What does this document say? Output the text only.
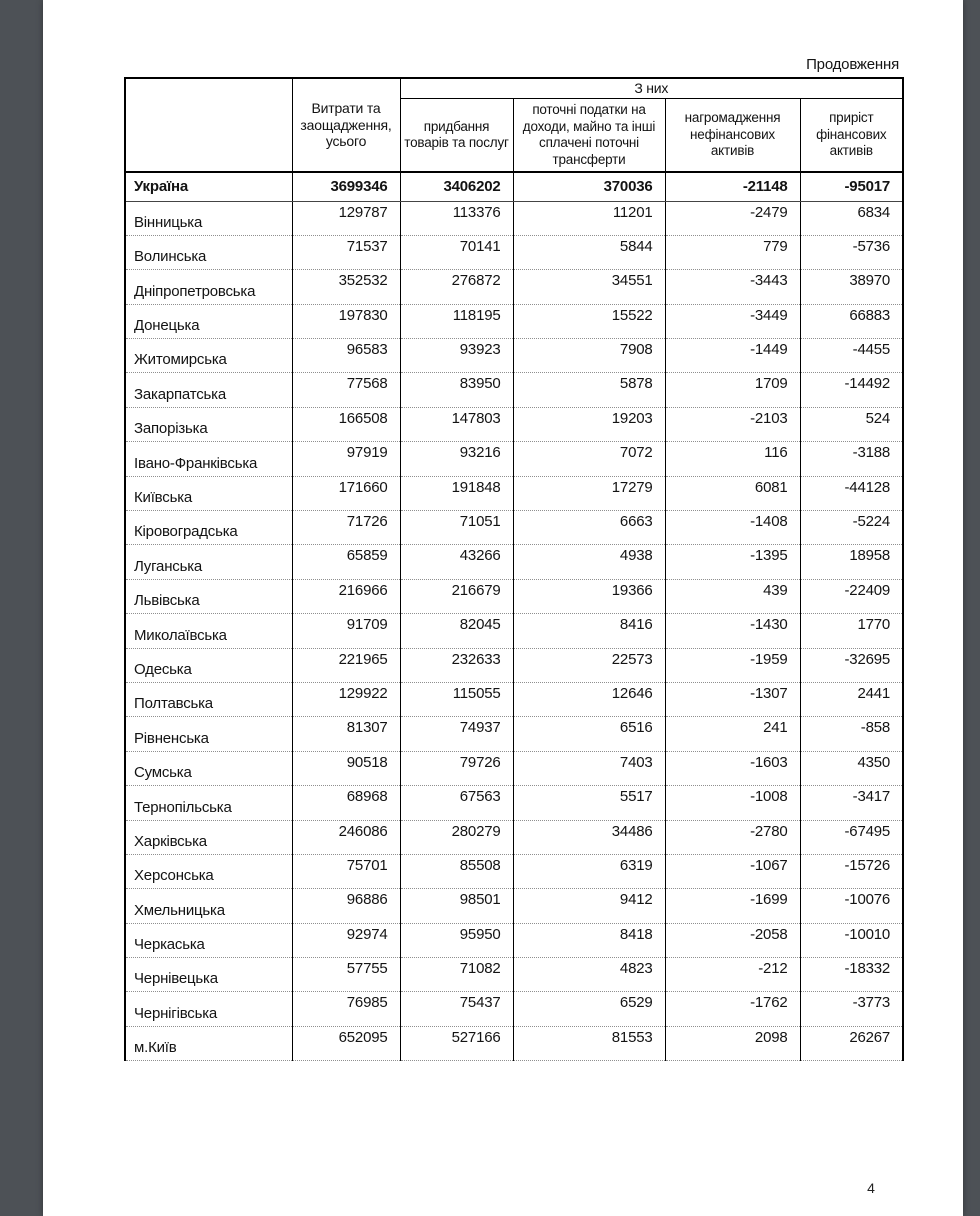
Продовження
	Витрати та заощадження, усього	З них			
		придбання товарів та послуг	поточні податки на доходи, майно та інші сплачені поточні трансферти	нагромадження нефінансових активів	приріст фінансових активів
Україна	3699346	3406202	370036	-21148	-95017
Вінницька	129787	113376	11201	-2479	6834
Волинська	71537	70141	5844	779	-5736
Дніпропетровська	352532	276872	34551	-3443	38970
Донецька	197830	118195	15522	-3449	66883
Житомирська	96583	93923	7908	-1449	-4455
Закарпатська	77568	83950	5878	1709	-14492
Запорізька	166508	147803	19203	-2103	524
Івано-Франківська	97919	93216	7072	116	-3188
Київська	171660	191848	17279	6081	-44128
Кіровоградська	71726	71051	6663	-1408	-5224
Луганська	65859	43266	4938	-1395	18958
Львівська	216966	216679	19366	439	-22409
Миколаївська	91709	82045	8416	-1430	1770
Одеська	221965	232633	22573	-1959	-32695
Полтавська	129922	115055	12646	-1307	2441
Рівненська	81307	74937	6516	241	-858
Сумська	90518	79726	7403	-1603	4350
Тернопільська	68968	67563	5517	-1008	-3417
Харківська	246086	280279	34486	-2780	-67495
Херсонська	75701	85508	6319	-1067	-15726
Хмельницька	96886	98501	9412	-1699	-10076
Черкаська	92974	95950	8418	-2058	-10010
Чернівецька	57755	71082	4823	-212	-18332
Чернігівська	76985	75437	6529	-1762	-3773
м.Київ	652095	527166	81553	2098	26267
4
